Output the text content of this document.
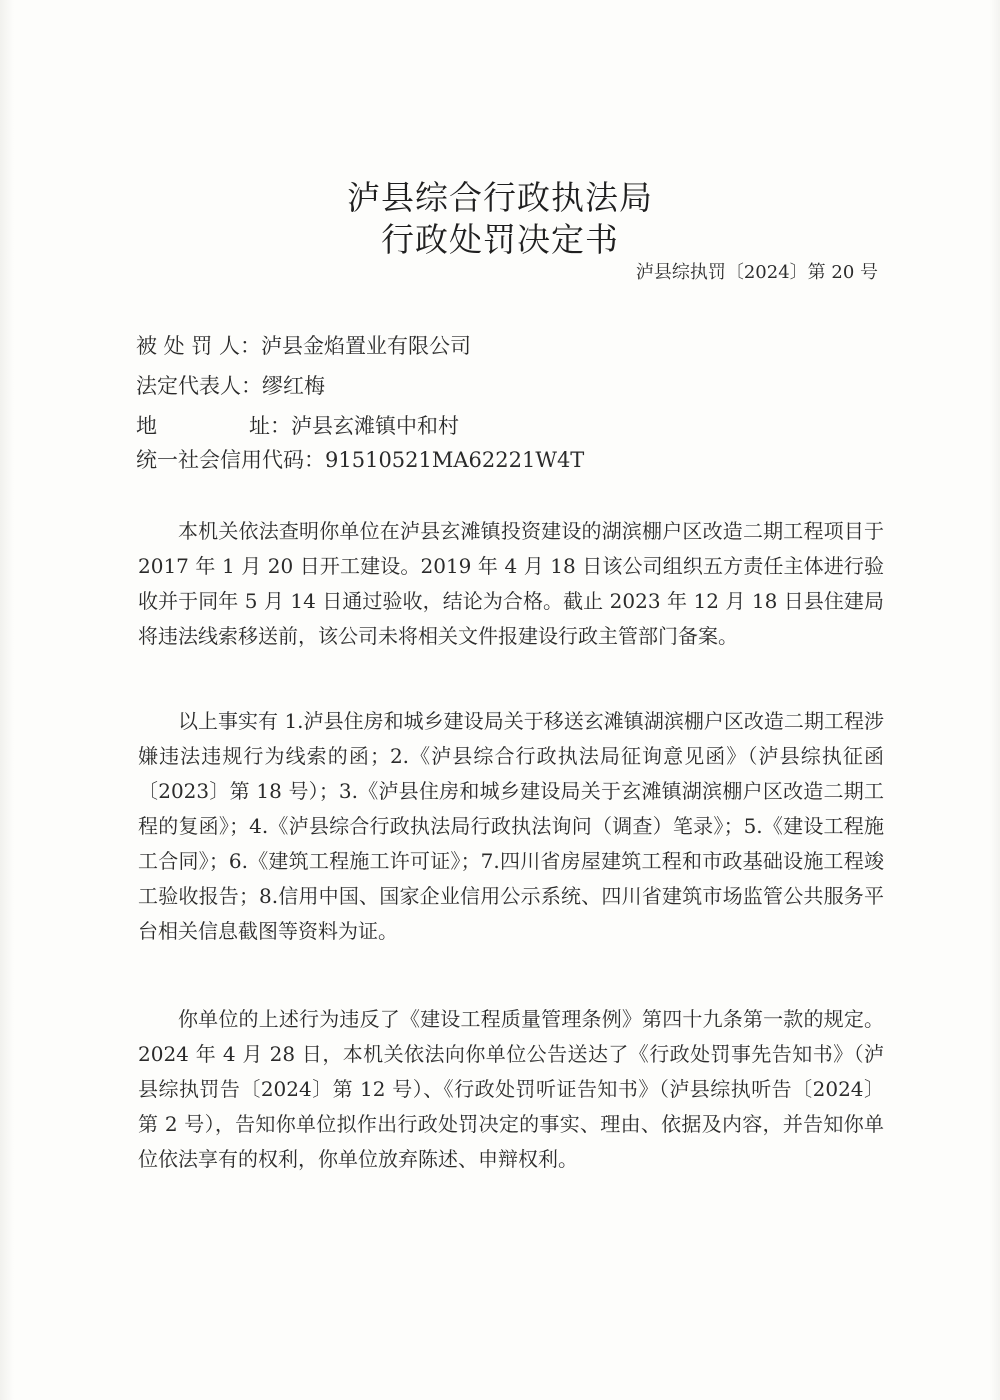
泸县综合行政执法局
行政处罚决定书
泸县综执罚〔2024〕第 20 号
被 处 罚 人：泸县金焰置业有限公司
法定代表人：缪红梅
地	址：泸县玄滩镇中和村
统一社会信用代码：91510521MA62221W4T

本机关依法查明你单位在泸县玄滩镇投资建设的湖滨棚户区改造二期工程项目于 2017 年 1 月 20 日开工建设。2019 年 4 月 18 日该公司组织五方责任主体进行验收并于同年 5 月 14 日通过验收，结论为合格。截止 2023 年 12 月 18 日县住建局将违法线索移送前，该公司未将相关文件报建设行政主管部门备案。

以上事实有 1.泸县住房和城乡建设局关于移送玄滩镇湖滨棚户区改造二期工程涉嫌违法违规行为线索的函；2.《泸县综合行政执法局征询意见函》（泸县综执征函〔2023〕第 18 号）；3.《泸县住房和城乡建设局关于玄滩镇湖滨棚户区改造二期工程的复函》；4.《泸县综合行政执法局行政执法询问（调查）笔录》；5.《建设工程施工合同》；6.《建筑工程施工许可证》；7.四川省房屋建筑工程和市政基础设施工程竣工验收报告；8.信用中国、国家企业信用公示系统、四川省建筑市场监管公共服务平台相关信息截图等资料为证。

你单位的上述行为违反了《建设工程质量管理条例》第四十九条第一款的规定。2024 年 4 月 28 日，本机关依法向你单位公告送达了《行政处罚事先告知书》（泸县综执罚告〔2024〕第 12 号）、《行政处罚听证告知书》（泸县综执听告〔2024〕第 2 号），告知你单位拟作出行政处罚决定的事实、理由、依据及内容，并告知你单位依法享有的权利，你单位放弃陈述、申辩权利。
